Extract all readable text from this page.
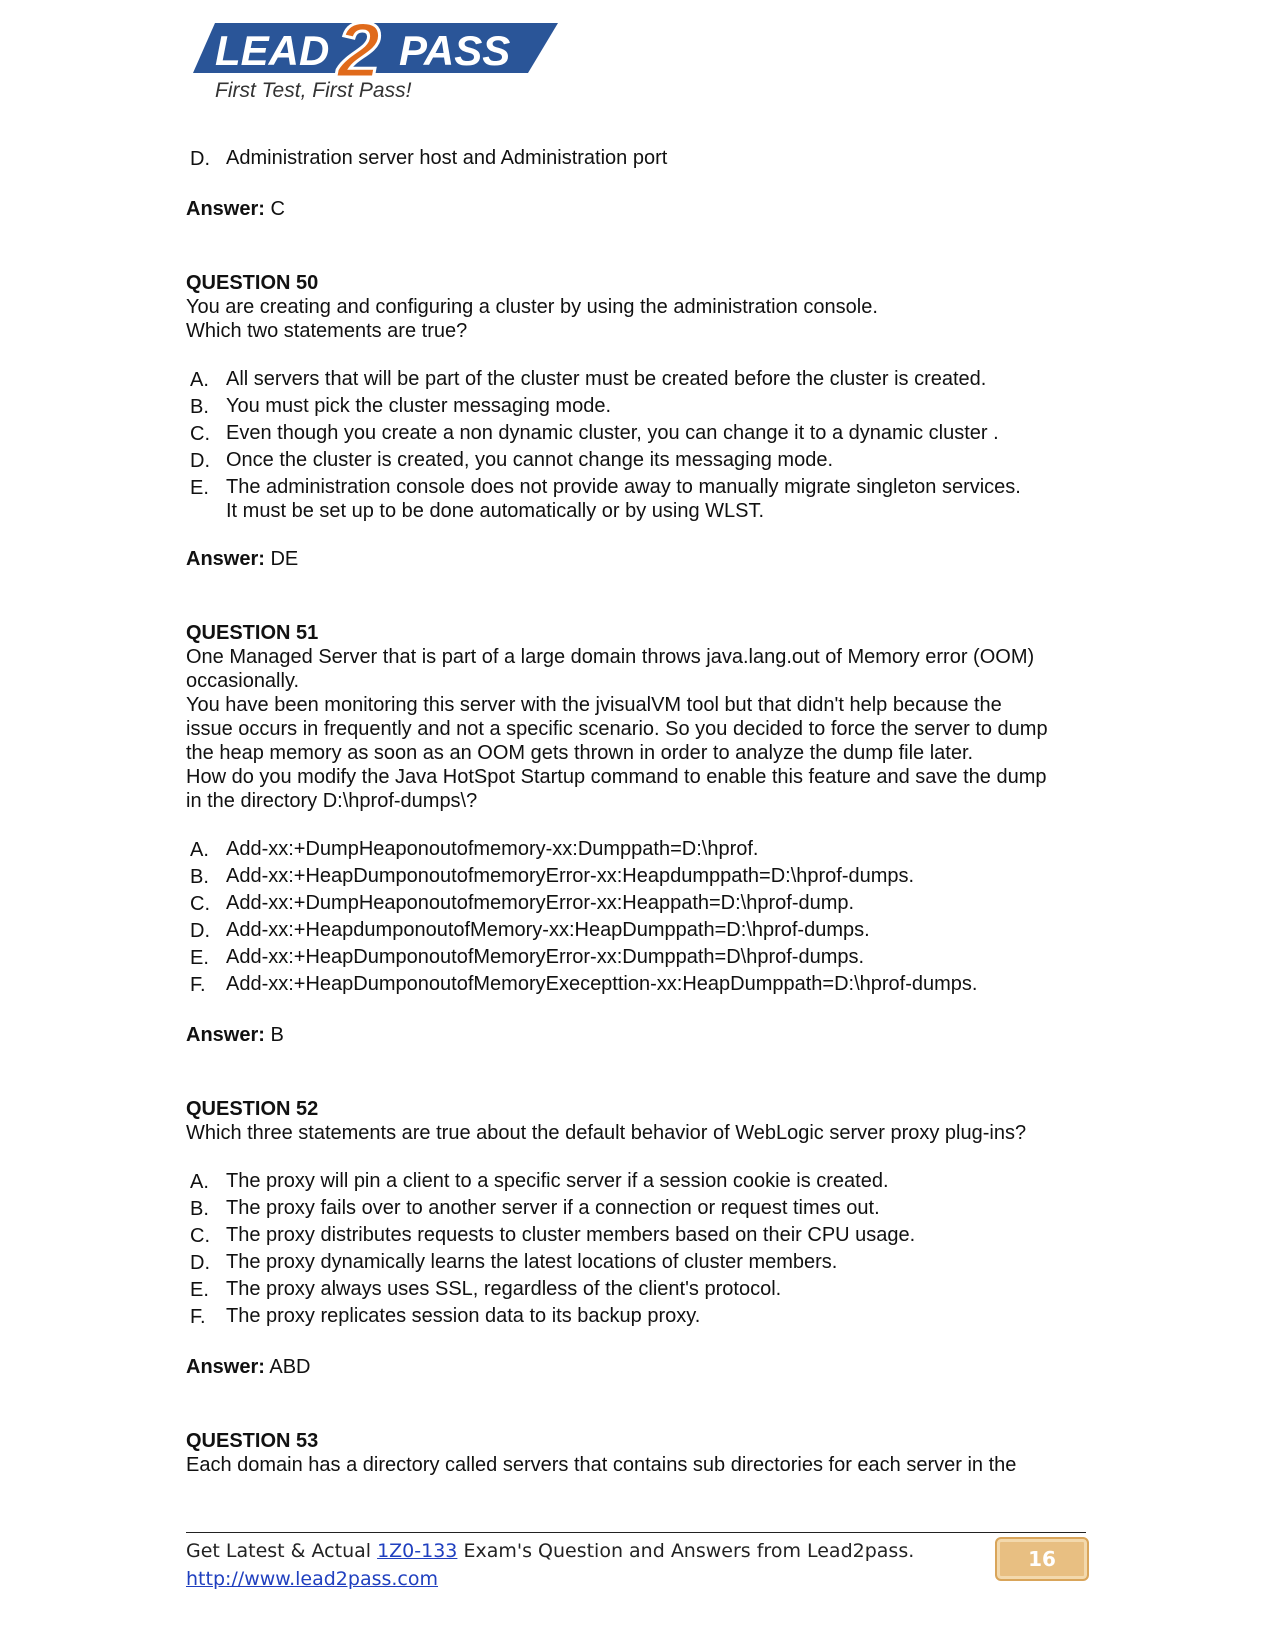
LEAD 2 PASS
First Test, First Pass!
D. Administration server host and Administration port
Answer: C
QUESTION 50
You are creating and configuring a cluster by using the administration console.
Which two statements are true?
A. All servers that will be part of the cluster must be created before the cluster is created.
B. You must pick the cluster messaging mode.
C. Even though you create a non dynamic cluster, you can change it to a dynamic cluster .
D. Once the cluster is created, you cannot change its messaging mode.
E. The administration console does not provide away to manually migrate singleton services.
It must be set up to be done automatically or by using WLST.
Answer: DE
QUESTION 51
One Managed Server that is part of a large domain throws java.lang.out of Memory error (OOM)
occasionally.
You have been monitoring this server with the jvisualVM tool but that didn't help because the
issue occurs in frequently and not a specific scenario. So you decided to force the server to dump
the heap memory as soon as an OOM gets thrown in order to analyze the dump file later.
How do you modify the Java HotSpot Startup command to enable this feature and save the dump
in the directory D:\hprof-dumps\?
A. Add-xx:+DumpHeaponoutofmemory-xx:Dumppath=D:\hprof.
B. Add-xx:+HeapDumponoutofmemoryError-xx:Heapdumppath=D:\hprof-dumps.
C. Add-xx:+DumpHeaponoutofmemoryError-xx:Heappath=D:\hprof-dump.
D. Add-xx:+HeapdumponoutofMemory-xx:HeapDumppath=D:\hprof-dumps.
E. Add-xx:+HeapDumponoutofMemoryError-xx:Dumppath=D\hprof-dumps.
F.	Add-xx:+HeapDumponoutofMemoryExecepttion-xx:HeapDumppath=D:\hprof-dumps.
Answer: B
QUESTION 52
Which three statements are true about the default behavior of WebLogic server proxy plug-ins?
A. The proxy will pin a client to a specific server if a session cookie is created.
B. The proxy fails over to another server if a connection or request times out.
C. The proxy distributes requests to cluster members based on their CPU usage.
D. The proxy dynamically learns the latest locations of cluster members.
E. The proxy always uses SSL, regardless of the client's protocol.
F.	The proxy replicates session data to its backup proxy.
Answer: ABD
QUESTION 53
Each domain has a directory called servers that contains sub directories for each server in the
Get Latest & Actual 1Z0-133 Exam's Question and Answers from Lead2pass.
http://www.lead2pass.com
16
